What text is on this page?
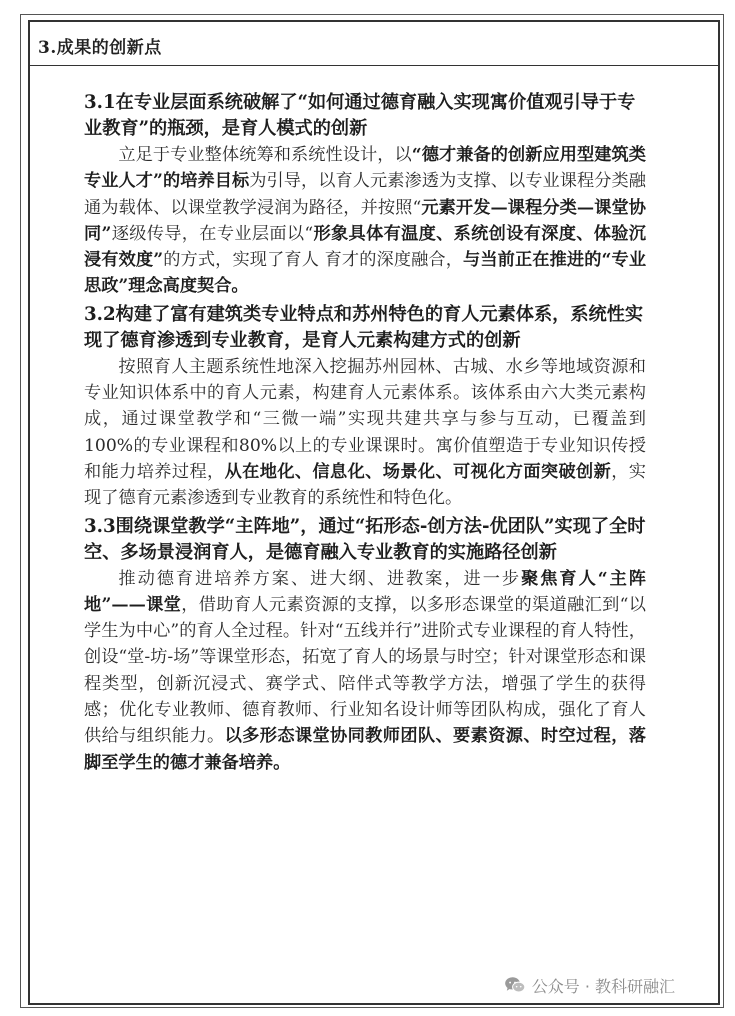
3.成果的创新点

3.1在专业层面系统破解了“如何通过德育融入实现寓价值观引导于专业教育”的瓶颈，是育人模式的创新

立足于专业整体统筹和系统性设计，以“德才兼备的创新应用型建筑类专业人才”的培养目标为引导，以育人元素渗透为支撑、以专业课程分类融通为载体、以课堂教学浸润为路径，并按照“元素开发—课程分类—课堂协同”逐级传导，在专业层面以“形象具体有温度、系统创设有深度、体验沉浸有效度”的方式，实现了育人 育才的深度融合，与当前正在推进的“专业思政”理念高度契合。

3.2构建了富有建筑类专业特点和苏州特色的育人元素体系，系统性实现了德育渗透到专业教育，是育人元素构建方式的创新

按照育人主题系统性地深入挖掘苏州园林、古城、水乡等地域资源和专业知识体系中的育人元素，构建育人元素体系。该体系由六大类元素构成，通过课堂教学和“三微一端”实现共建共享与参与互动，已覆盖到100%的专业课程和80%以上的专业课课时。寓价值塑造于专业知识传授和能力培养过程，从在地化、信息化、场景化、可视化方面突破创新，实现了德育元素渗透到专业教育的系统性和特色化。

3.3围绕课堂教学“主阵地”，通过“拓形态-创方法-优团队”实现了全时空、多场景浸润育人，是德育融入专业教育的实施路径创新

推动德育进培养方案、进大纲、进教案，进一步聚焦育人“主阵地”——课堂，借助育人元素资源的支撑，以多形态课堂的渠道融汇到“以学生为中心”的育人全过程。针对“五线并行”进阶式专业课程的育人特性，创设“堂-坊-场”等课堂形态，拓宽了育人的场景与时空；针对课堂形态和课程类型，创新沉浸式、赛学式、陪伴式等教学方法，增强了学生的获得感；优化专业教师、德育教师、行业知名设计师等团队构成，强化了育人供给与组织能力。以多形态课堂协同教师团队、要素资源、时空过程，落脚至学生的德才兼备培养。

公众号 · 教科研融汇
